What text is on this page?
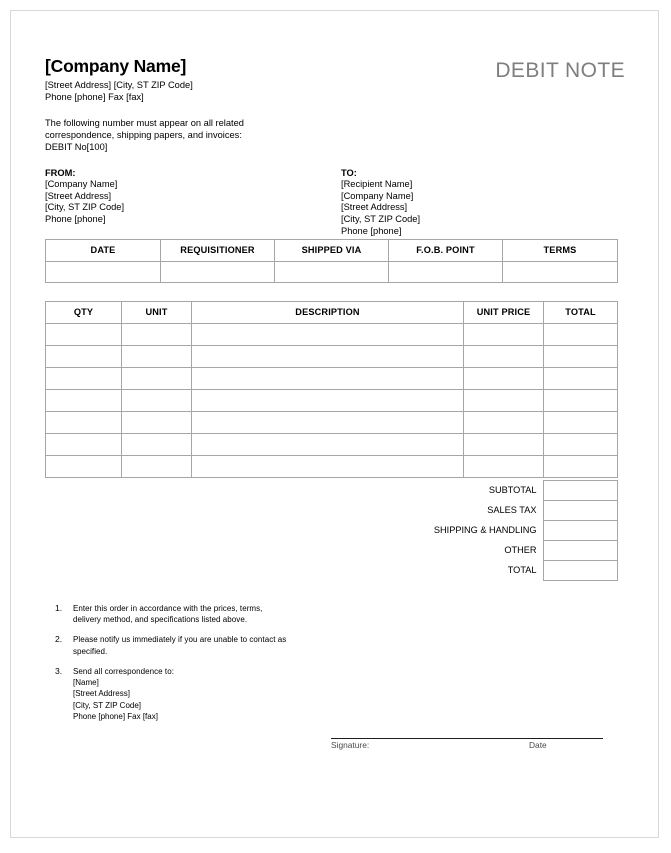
[Company Name]
[Street Address] [City, ST ZIP Code]
Phone [phone] Fax [fax]
DEBIT NOTE
The following number must appear on all related
correspondence, shipping papers, and invoices:
DEBIT No[100]
FROM:
[Company Name]
[Street Address]
[City, ST ZIP Code]
Phone [phone]
TO:
[Recipient Name]
[Company Name]
[Street Address]
[City, ST ZIP Code]
Phone [phone]
DATE	REQUISITIONER	SHIPPED VIA	F.O.B. POINT	TERMS

QTY	UNIT	DESCRIPTION	UNIT PRICE	TOTAL

SUBTOTAL	
SALES TAX	
SHIPPING & HANDLING	
OTHER	
TOTAL	
1.	Enter this order in accordance with the prices, terms,
delivery method, and specifications listed above.
2.	Please notify us immediately if you are unable to contact as
specified.
3.	Send all correspondence to:
[Name]
[Street Address]
[City, ST ZIP Code]
Phone [phone] Fax [fax]
Signature:	Date
